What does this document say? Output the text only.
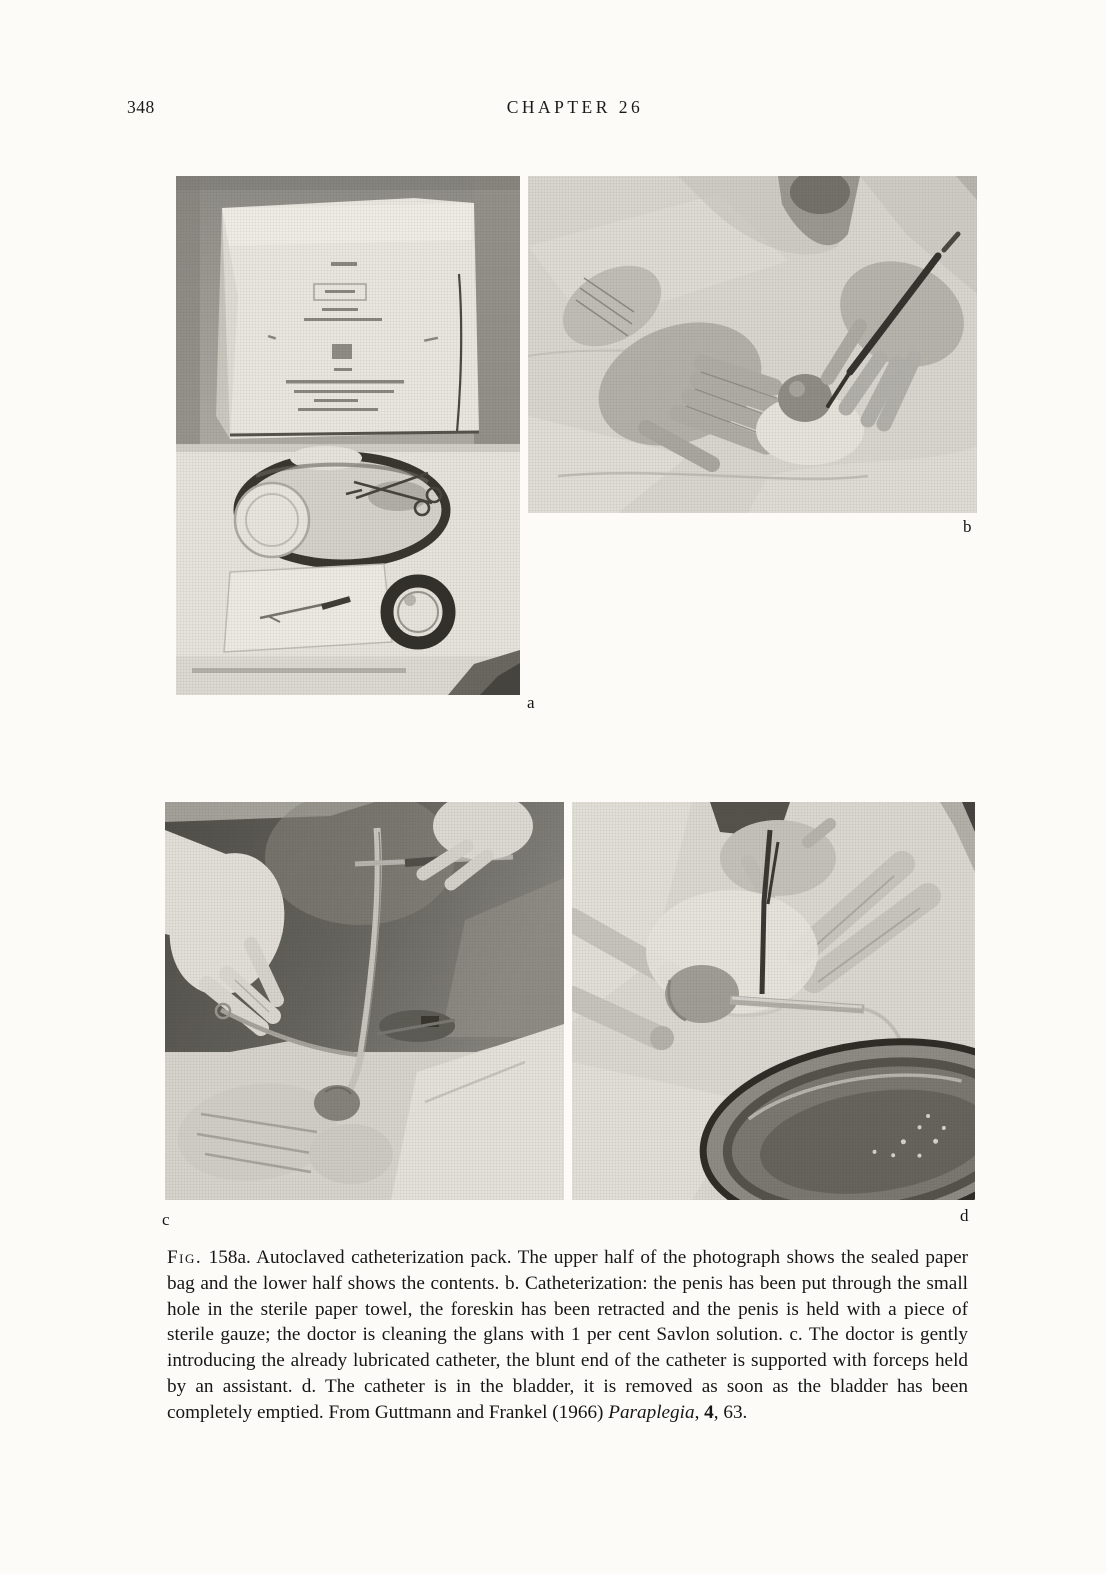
348	CHAPTER 26
a
b
c	d

Fig. 158a. Autoclaved catheterization pack. The upper half of the photograph shows the sealed paper bag and the lower half shows the contents. b. Catheterization: the penis has been put through the small hole in the sterile paper towel, the foreskin has been retracted and the penis is held with a piece of sterile gauze; the doctor is cleaning the glans with 1 per cent Savlon solution. c. The doctor is gently introducing the already lubricated catheter, the blunt end of the catheter is supported with forceps held by an assistant. d. The catheter is in the bladder, it is removed as soon as the bladder has been completely emptied. From Guttmann and Frankel (1966) Paraplegia, 4, 63.
